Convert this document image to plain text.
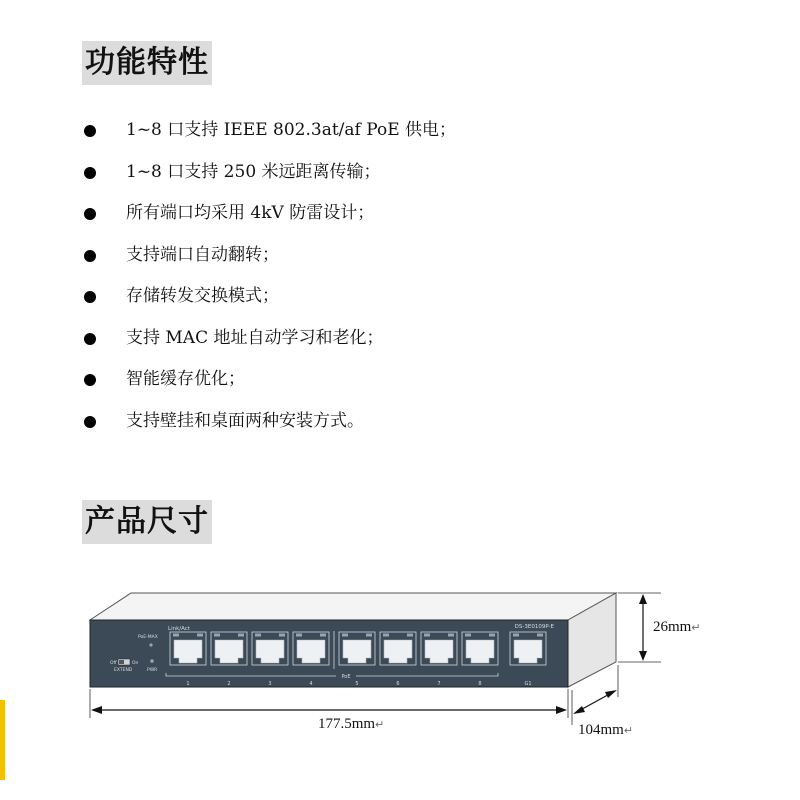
功能特性
1~8 口支持 IEEE 802.3at/af PoE 供电；
1~8 口支持 250 米远距离传输；
所有端口均采用 4kV 防雷设计；
支持端口自动翻转；
存储转发交换模式；
支持 MAC 地址自动学习和老化；
智能缓存优化；
支持壁挂和桌面两种安装方式。
产品尺寸
Link/Act	DS-3E0109P-E
PoE-MAX
Off	On
EXTEND	PWR
PoE
1	2	3	4	5	6	7	8	G1
26mm↵
177.5mm↵	104mm↵
